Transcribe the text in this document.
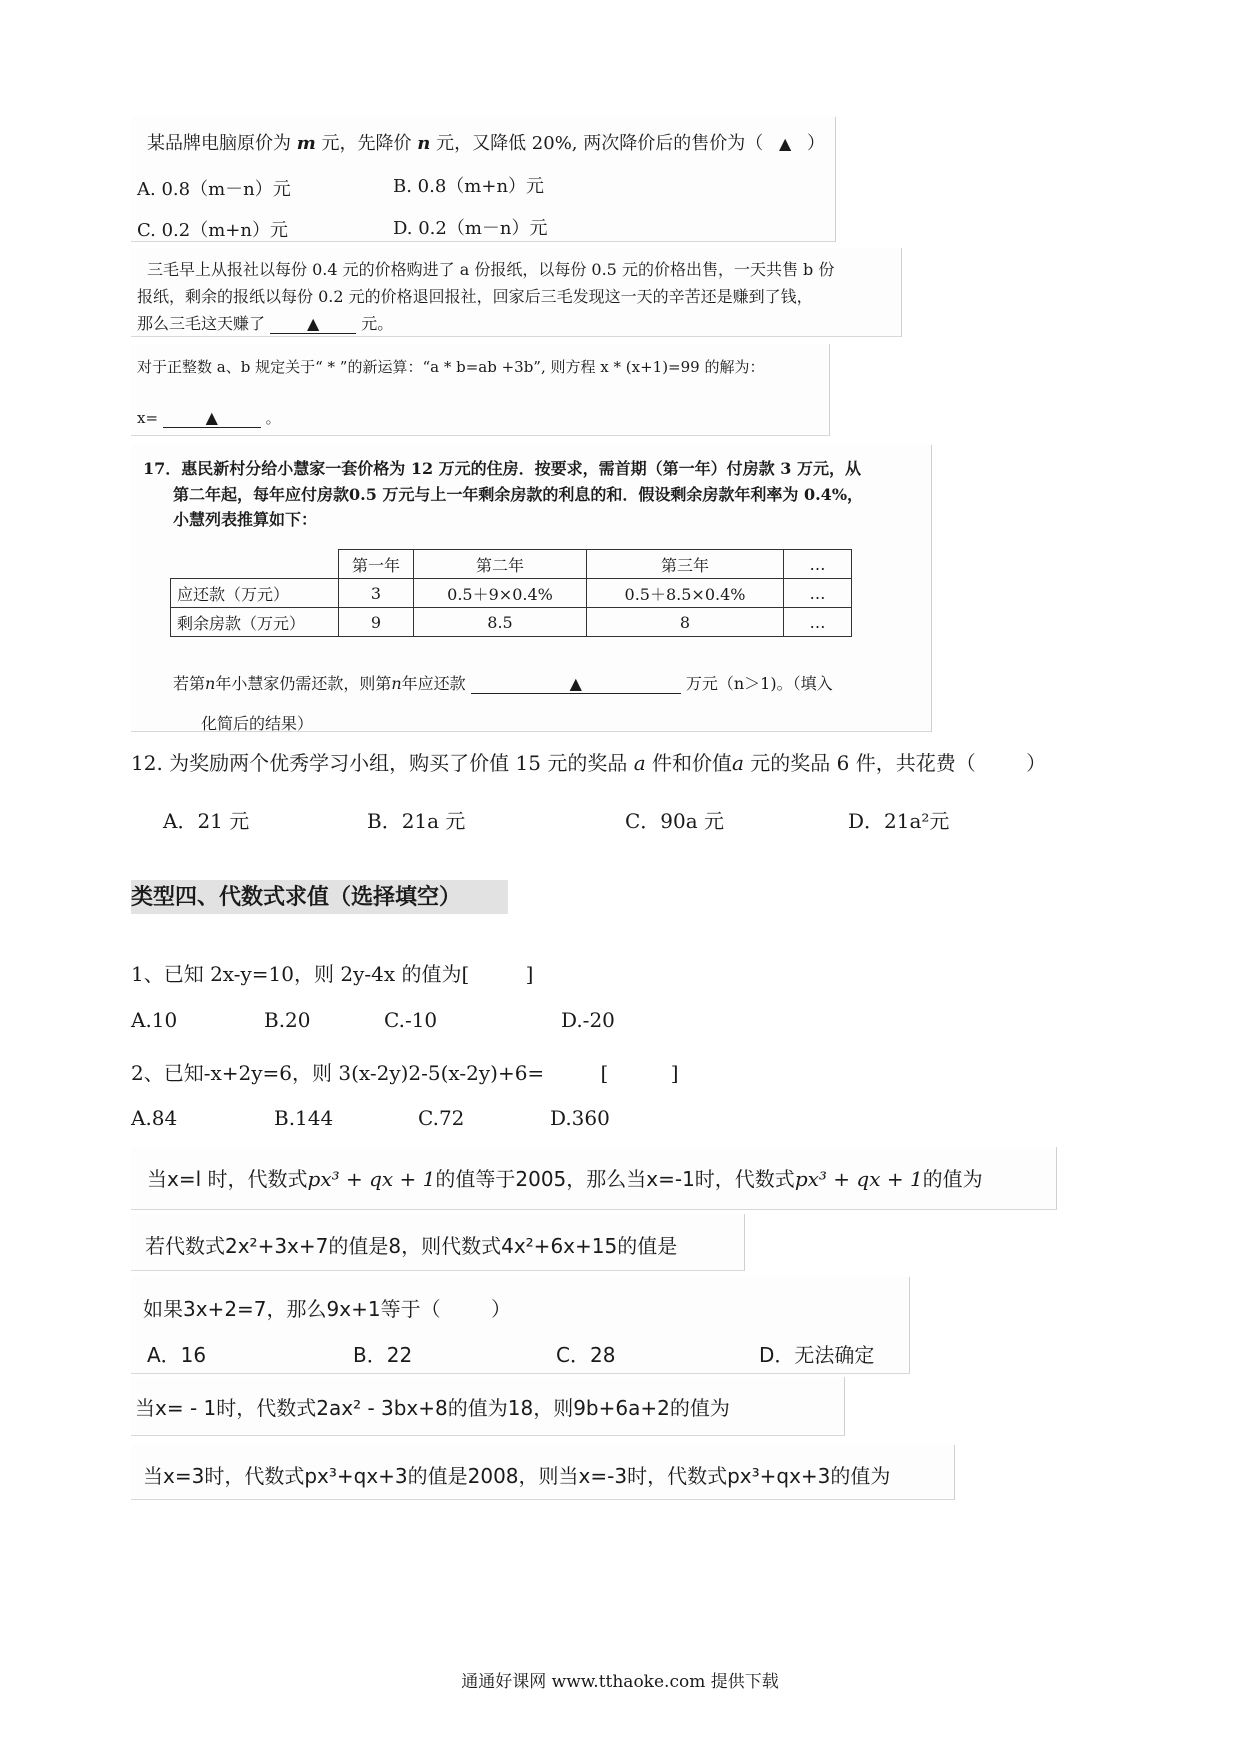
某品牌电脑原价为 m 元，先降价 n 元，又降低 20%, 两次降价后的售价为（ ▲ ）
A. 0.8（m－n）元	B. 0.8（m+n）元
C. 0.2（m+n）元	D. 0.2（m－n）元
三毛早上从报社以每份 0.4 元的价格购进了 a 份报纸，以每份 0.5 元的价格出售，一天共售 b 份
报纸，剩余的报纸以每份 0.2 元的价格退回报社，回家后三毛发现这一天的辛苦还是赚到了钱，
那么三毛这天赚了	▲	元。
对于正整数 a、b 规定关于“ * ”的新运算：“a * b=ab +3b”, 则方程 x * (x+1)=99 的解为：
x=	▲	。
17．惠民新村分给小慧家一套价格为 12 万元的住房．按要求，需首期（第一年）付房款 3 万元，从
第二年起，每年应付房款0.5 万元与上一年剩余房款的利息的和．假设剩余房款年利率为 0.4%，
小慧列表推算如下：
若第n年小慧家仍需还款，则第n年应还款	▲	万元（n＞1)。（填入
化简后的结果）
	第一年	第二年	第三年	…
应还款（万元）	3	0.5＋9×0.4%	0.5＋8.5×0.4%	…
剩余房款（万元）	9	8.5	8	…
12. 为奖励两个优秀学习小组，购买了价值 15 元的奖品 a 件和价值a 元的奖品 6 件，共花费（	）
A．21 元	B．21a 元	C．90a 元	D．21a²元
类型四、代数式求值（选择填空）
1、已知 2x-y=10，则 2y-4x 的值为[	]
A.10	B.20	C.-10	D.-20
2、已知-x+2y=6，则 3(x-2y)2-5(x-2y)+6=	[	]
A.84	B.144	C.72	D.360
当x=l 时，代数式px³ + qx + 1的值等于2005，那么当x=-1时，代数式px³ + qx + 1的值为
若代数式2x²+3x+7的值是8，则代数式4x²+6x+15的值是
如果3x+2=7，那么9x+1等于（	）
A．16	B．22	C．28	D．无法确定
当x= - 1时，代数式2ax² - 3bx+8的值为18，则9b+6a+2的值为
当x=3时，代数式px³+qx+3的值是2008，则当x=-3时，代数式px³+qx+3的值为
通通好课网 www.tthaoke.com 提供下载
